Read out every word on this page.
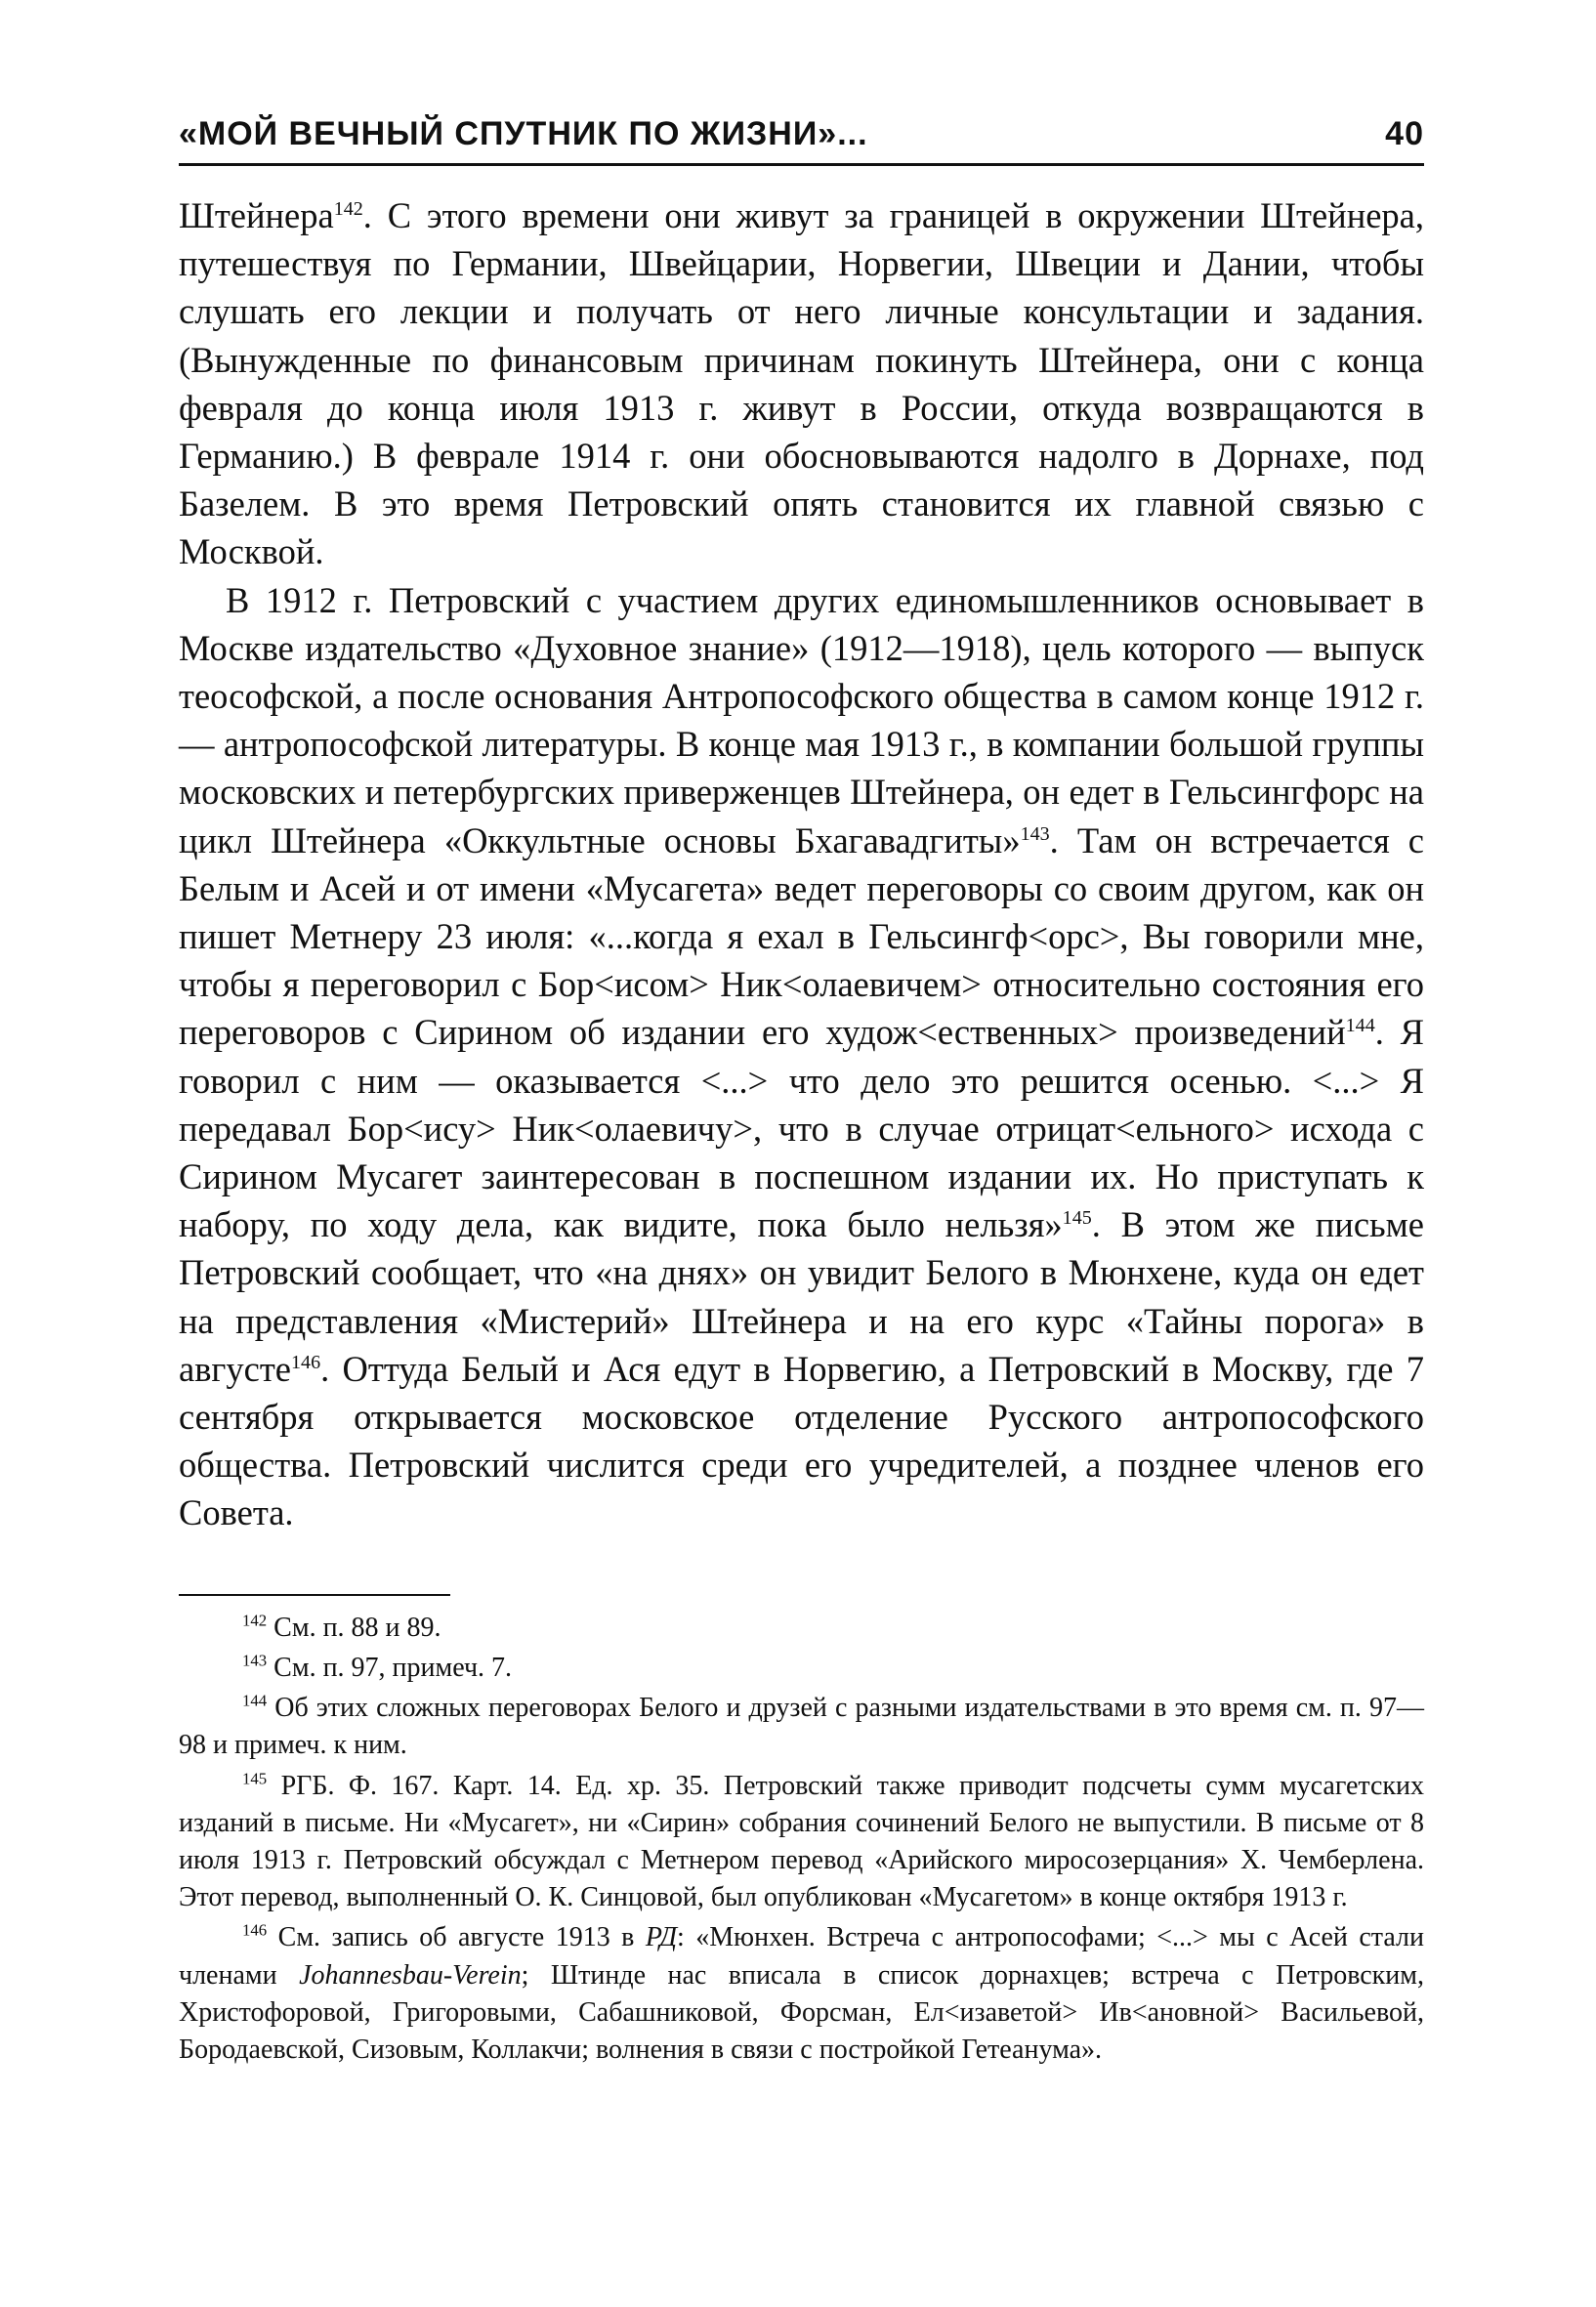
«МОЙ ВЕЧНЫЙ СПУТНИК ПО ЖИЗНИ»...	40

Штейнера$^{142}$. С этого времени они живут за границей в окружении Штейнера, путешествуя по Германии, Швейцарии, Норвегии, Швеции и Дании, чтобы слушать его лекции и получать от него личные консультации и задания. (Вынужденные по финансовым причинам покинуть Штейнера, они с конца февраля до конца июля 1913 г. живут в России, откуда возвращаются в Германию.) В феврале 1914 г. они обосновываются надолго в Дорнахе, под Базелем. В это время Петровский опять становится их главной связью с Москвой.

В 1912 г. Петровский с участием других единомышленников основывает в Москве издательство «Духовное знание» (1912—1918), цель которого — выпуск теософской, а после основания Антропософского общества в самом конце 1912 г. — антропософской литературы. В конце мая 1913 г., в компании большой группы московских и петербургских приверженцев Штейнера, он едет в Гельсингфорс на цикл Штейнера «Оккультные основы Бхагавадгиты»$^{143}$. Там он встречается с Белым и Асей и от имени «Мусагета» ведет переговоры со своим другом, как он пишет Метнеру 23 июля: «...когда я ехал в Гельсингф<орс>, Вы говорили мне, чтобы я переговорил с Бор<исом> Ник<олаевичем> относительно состояния его переговоров с Сирином об издании его худож<ественных> произведений$^{144}$. Я говорил с ним — оказывается <...> что дело это решится осенью. <...> Я передавал Бор<ису> Ник<олаевичу>, что в случае отрицат<ельного> исхода с Сирином Мусагет заинтересован в поспешном издании их. Но приступать к набору, по ходу дела, как видите, пока было нельзя»$^{145}$. В этом же письме Петровский сообщает, что «на днях» он увидит Белого в Мюнхене, куда он едет на представления «Мистерий» Штейнера и на его курс «Тайны порога» в августе$^{146}$. Оттуда Белый и Ася едут в Норвегию, а Петровский в Москву, где 7 сентября открывается московское отделение Русского антропософского общества. Петровский числится среди его учредителей, а позднее членов его Совета.

$^{142}$ См. п. 88 и 89.

$^{143}$ См. п. 97, примеч. 7.

$^{144}$ Об этих сложных переговорах Белого и друзей с разными издательствами в это время см. п. 97—98 и примеч. к ним.

$^{145}$ РГБ. Ф. 167. Карт. 14. Ед. хр. 35. Петровский также приводит подсчеты сумм мусагетских изданий в письме. Ни «Мусагет», ни «Сирин» собрания сочинений Белого не выпустили. В письме от 8 июля 1913 г. Петровский обсуждал с Метнером перевод «Арийского миросозерцания» Х. Чемберлена. Этот перевод, выполненный О. К. Синцовой, был опубликован «Мусагетом» в конце октября 1913 г.

$^{146}$ См. запись об августе 1913 в РД: «Мюнхен. Встреча с антропософами; <...> мы с Асей стали членами Johannesbau-Verein; Штинде нас вписала в список дорнахцев; встреча с Петровским, Христофоровой, Григоровыми, Сабашниковой, Форсман, Ел<изаветой> Ив<ановной> Васильевой, Бородаевской, Сизовым, Коллакчи; волнения в связи с постройкой Гетеанума».
